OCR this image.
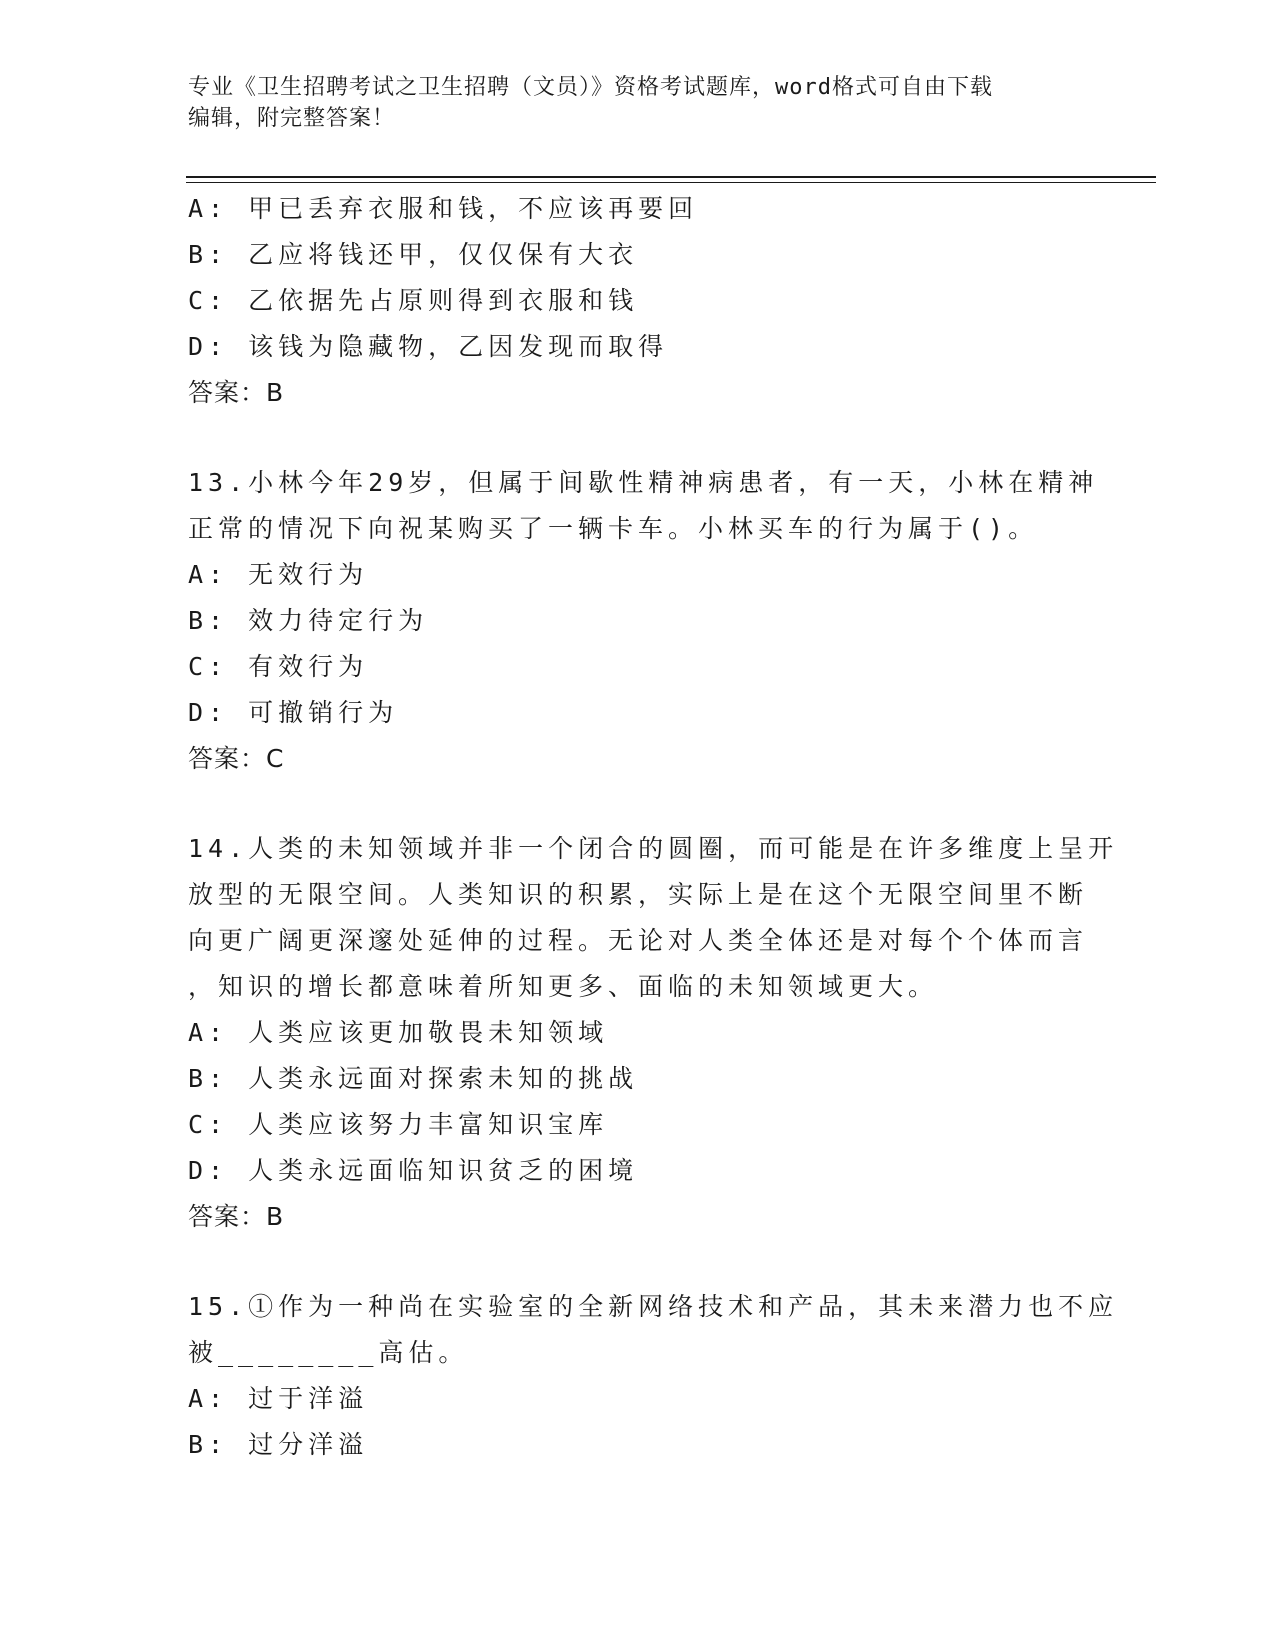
专业《卫生招聘考试之卫生招聘（文员）》资格考试题库，word格式可自由下载
编辑，附完整答案！
A: 甲已丢弃衣服和钱，不应该再要回
B: 乙应将钱还甲，仅仅保有大衣
C: 乙依据先占原则得到衣服和钱
D: 该钱为隐藏物，乙因发现而取得
答案：B
13.小林今年29岁，但属于间歇性精神病患者，有一天，小林在精神
正常的情况下向祝某购买了一辆卡车。小林买车的行为属于()。
A: 无效行为
B: 效力待定行为
C: 有效行为
D: 可撤销行为
答案：C
14.人类的未知领域并非一个闭合的圆圈，而可能是在许多维度上呈开
放型的无限空间。人类知识的积累，实际上是在这个无限空间里不断
向更广阔更深邃处延伸的过程。无论对人类全体还是对每个个体而言
，知识的增长都意味着所知更多、面临的未知领域更大。
A: 人类应该更加敬畏未知领域
B: 人类永远面对探索未知的挑战
C: 人类应该努力丰富知识宝库
D: 人类永远面临知识贫乏的困境
答案：B
15.①作为一种尚在实验室的全新网络技术和产品，其未来潜力也不应
被________高估。
A: 过于洋溢
B: 过分洋溢
